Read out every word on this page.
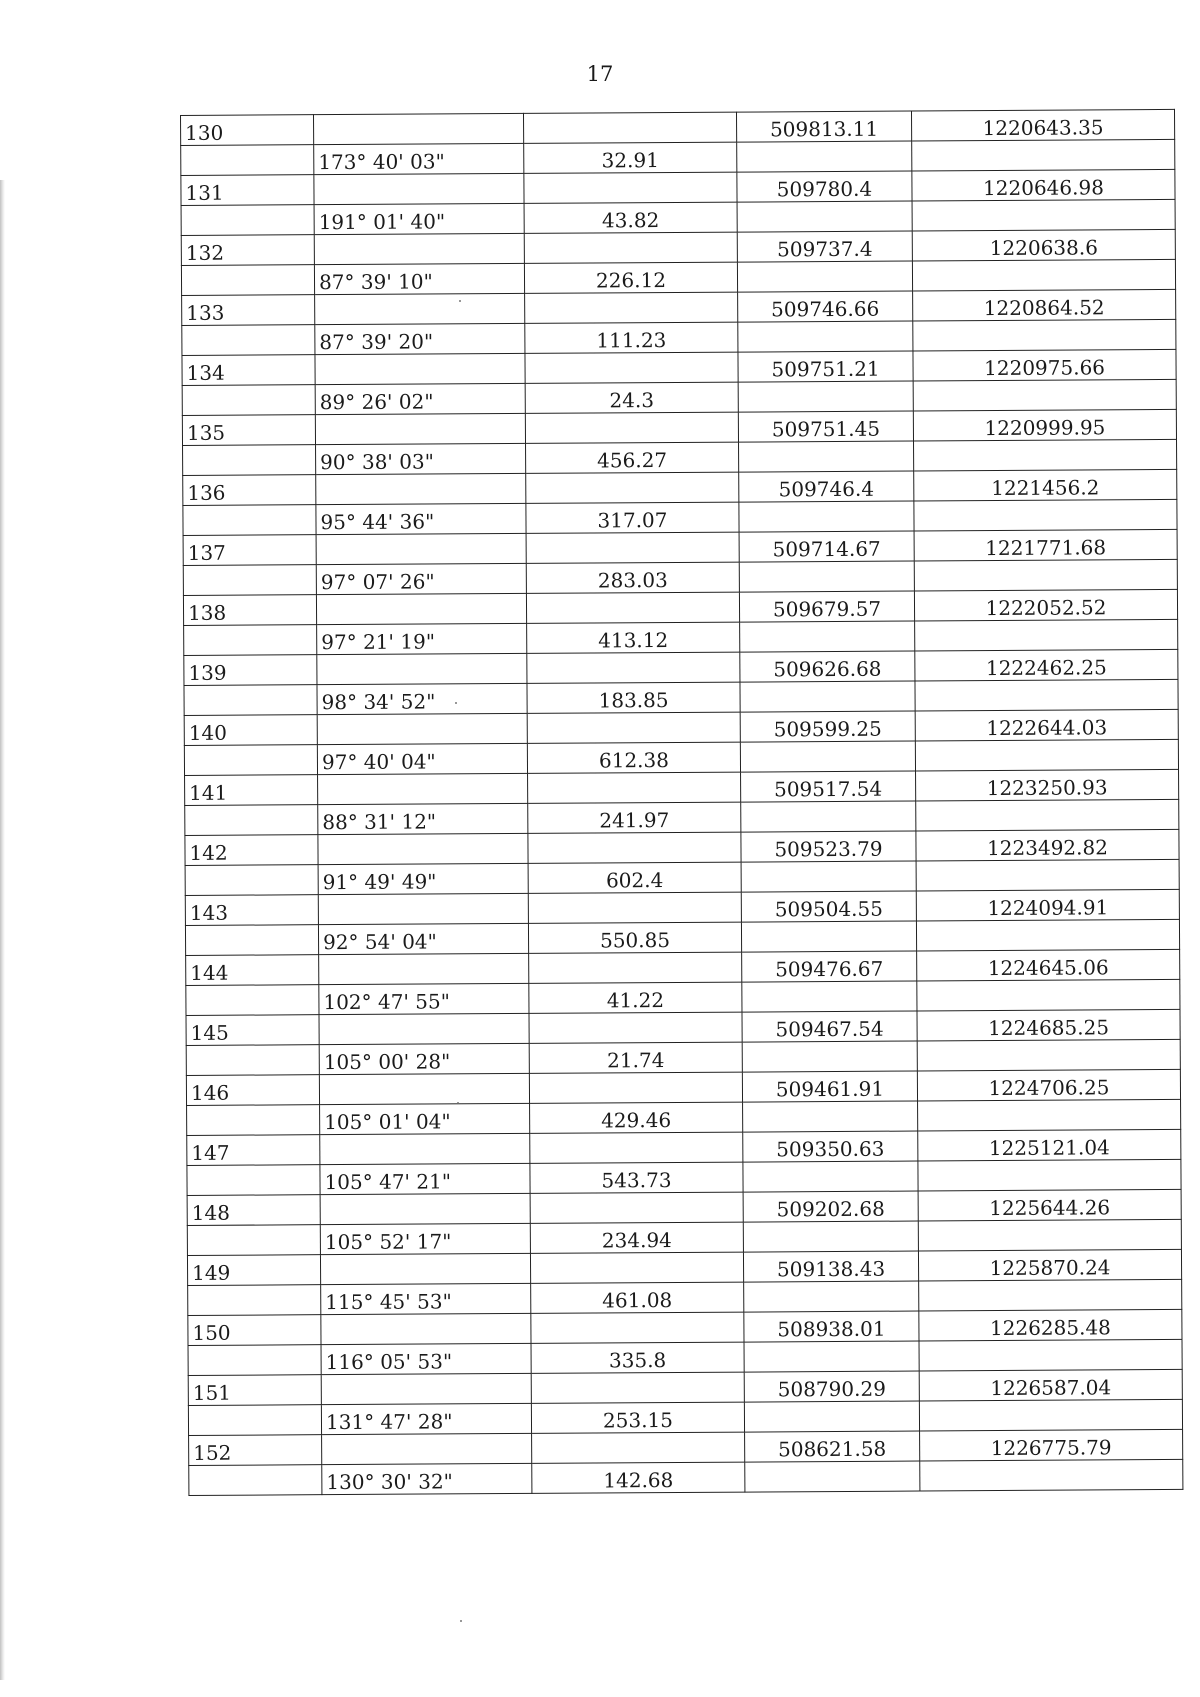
17
130			509813.11	1220643.35
	173° 40' 03"	32.91		
131			509780.4	1220646.98
	191° 01' 40"	43.82		
132			509737.4	1220638.6
	87° 39' 10"	226.12		
133			509746.66	1220864.52
	87° 39' 20"	111.23		
134			509751.21	1220975.66
	89° 26' 02"	24.3		
135			509751.45	1220999.95
	90° 38' 03"	456.27		
136			509746.4	1221456.2
	95° 44' 36"	317.07		
137			509714.67	1221771.68
	97° 07' 26"	283.03		
138			509679.57	1222052.52
	97° 21' 19"	413.12		
139			509626.68	1222462.25
	98° 34' 52"	183.85		
140			509599.25	1222644.03
	97° 40' 04"	612.38		
141			509517.54	1223250.93
	88° 31' 12"	241.97		
142			509523.79	1223492.82
	91° 49' 49"	602.4		
143			509504.55	1224094.91
	92° 54' 04"	550.85		
144			509476.67	1224645.06
	102° 47' 55"	41.22		
145			509467.54	1224685.25
	105° 00' 28"	21.74		
146			509461.91	1224706.25
	105° 01' 04"	429.46		
147			509350.63	1225121.04
	105° 47' 21"	543.73		
148			509202.68	1225644.26
	105° 52' 17"	234.94		
149			509138.43	1225870.24
	115° 45' 53"	461.08		
150			508938.01	1226285.48
	116° 05' 53"	335.8		
151			508790.29	1226587.04
	131° 47' 28"	253.15		
152			508621.58	1226775.79
	130° 30' 32"	142.68		
